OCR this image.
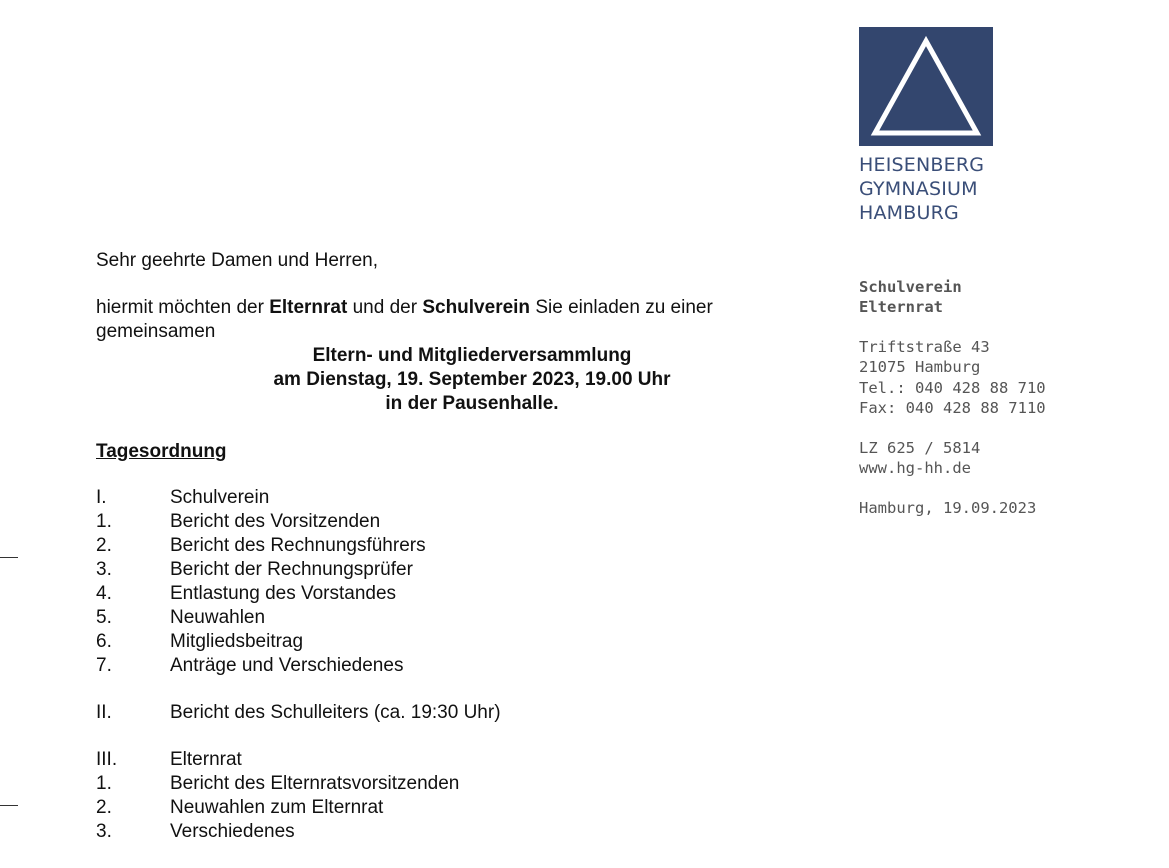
HEISENBERG
GYMNASIUM
HAMBURG
Schulverein
Elternrat
Triftstraße 43
21075 Hamburg
Tel.: 040 428 88 710
Fax: 040 428 88 7110
LZ 625 / 5814
www.hg-hh.de
Hamburg, 19.09.2023
Sehr geehrte Damen und Herren,
hiermit möchten der Elternrat und der Schulverein Sie einladen zu einer
gemeinsamen
Eltern- und Mitgliederversammlung
am Dienstag, 19. September 2023, 19.00 Uhr
in der Pausenhalle.
Tagesordnung
I.	Schulverein
1.	Bericht des Vorsitzenden
2.	Bericht des Rechnungsführers
3.	Bericht der Rechnungsprüfer
4.	Entlastung des Vorstandes
5.	Neuwahlen
6.	Mitgliedsbeitrag
7.	Anträge und Verschiedenes
II.	Bericht des Schulleiters (ca. 19:30 Uhr)
III.	Elternrat
1.	Bericht des Elternratsvorsitzenden
2.	Neuwahlen zum Elternrat
3.	Verschiedenes
